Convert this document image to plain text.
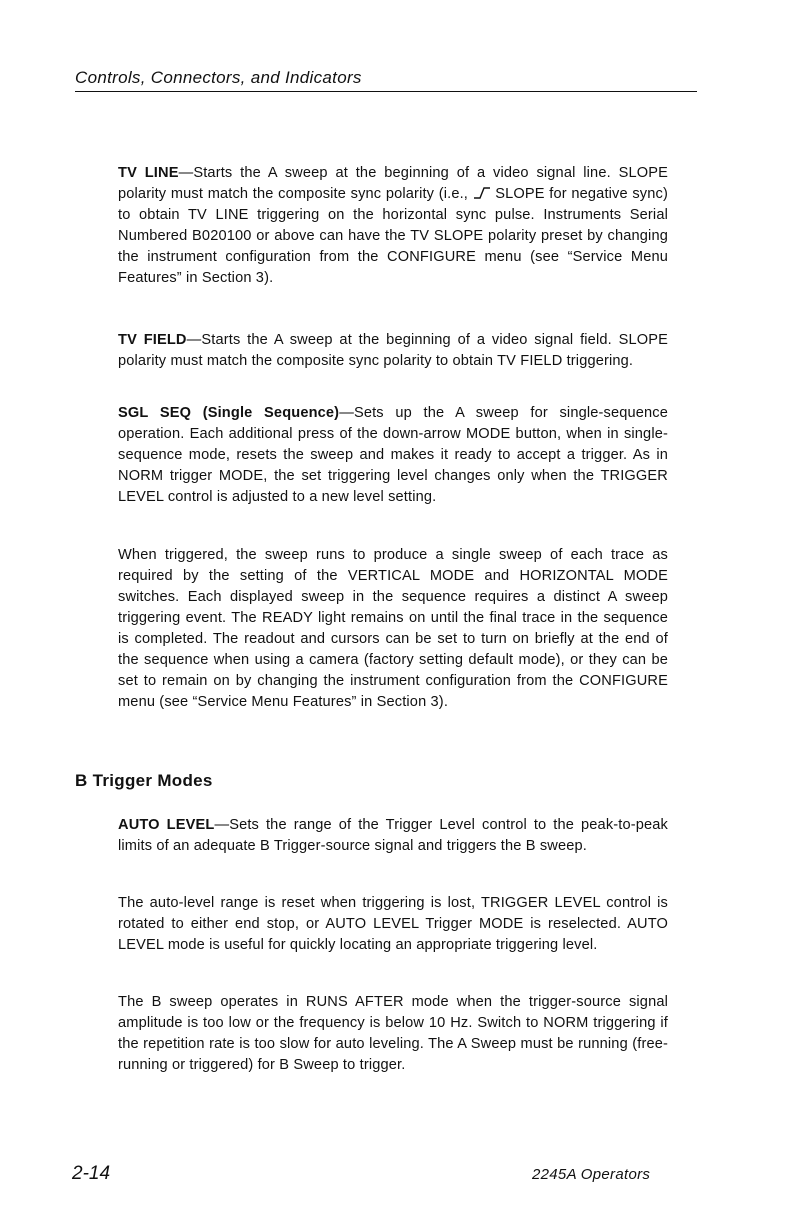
Controls, Connectors, and Indicators

TV LINE—Starts the A sweep at the beginning of a video signal line. SLOPE polarity must match the composite sync polarity (i.e.,  SLOPE for negative sync) to obtain TV LINE triggering on the horizontal sync pulse. Instruments Serial Numbered B020100 or above can have the TV SLOPE polarity preset by changing the instrument configuration from the CONFIGURE menu (see “Service Menu Features” in Section 3).

TV FIELD—Starts the A sweep at the beginning of a video signal field. SLOPE polarity must match the composite sync polarity to obtain TV FIELD triggering.

SGL SEQ (Single Sequence)—Sets up the A sweep for single-sequence operation. Each additional press of the down-arrow MODE button, when in single-sequence mode, resets the sweep and makes it ready to accept a trigger. As in NORM trigger MODE, the set triggering level changes only when the TRIGGER LEVEL control is adjusted to a new level setting.

When triggered, the sweep runs to produce a single sweep of each trace as required by the setting of the VERTICAL MODE and HORIZONTAL MODE switches. Each displayed sweep in the sequence requires a distinct A sweep triggering event. The READY light remains on until the final trace in the sequence is completed. The readout and cursors can be set to turn on briefly at the end of the sequence when using a camera (factory setting default mode), or they can be set to remain on by changing the instrument configuration from the CONFIGURE menu (see “Service Menu Features” in Section 3).

B Trigger Modes

AUTO LEVEL—Sets the range of the Trigger Level control to the peak-to-peak limits of an adequate B Trigger-source signal and triggers the B sweep.

The auto-level range is reset when triggering is lost, TRIGGER LEVEL control is rotated to either end stop, or AUTO LEVEL Trigger MODE is reselected. AUTO LEVEL mode is useful for quickly locating an appropriate triggering level.

The B sweep operates in RUNS AFTER mode when the trigger-source signal amplitude is too low or the frequency is below 10 Hz. Switch to NORM triggering if the repetition rate is too slow for auto leveling. The A Sweep must be running (free-running or triggered) for B Sweep to trigger.

2-14	2245A Operators
